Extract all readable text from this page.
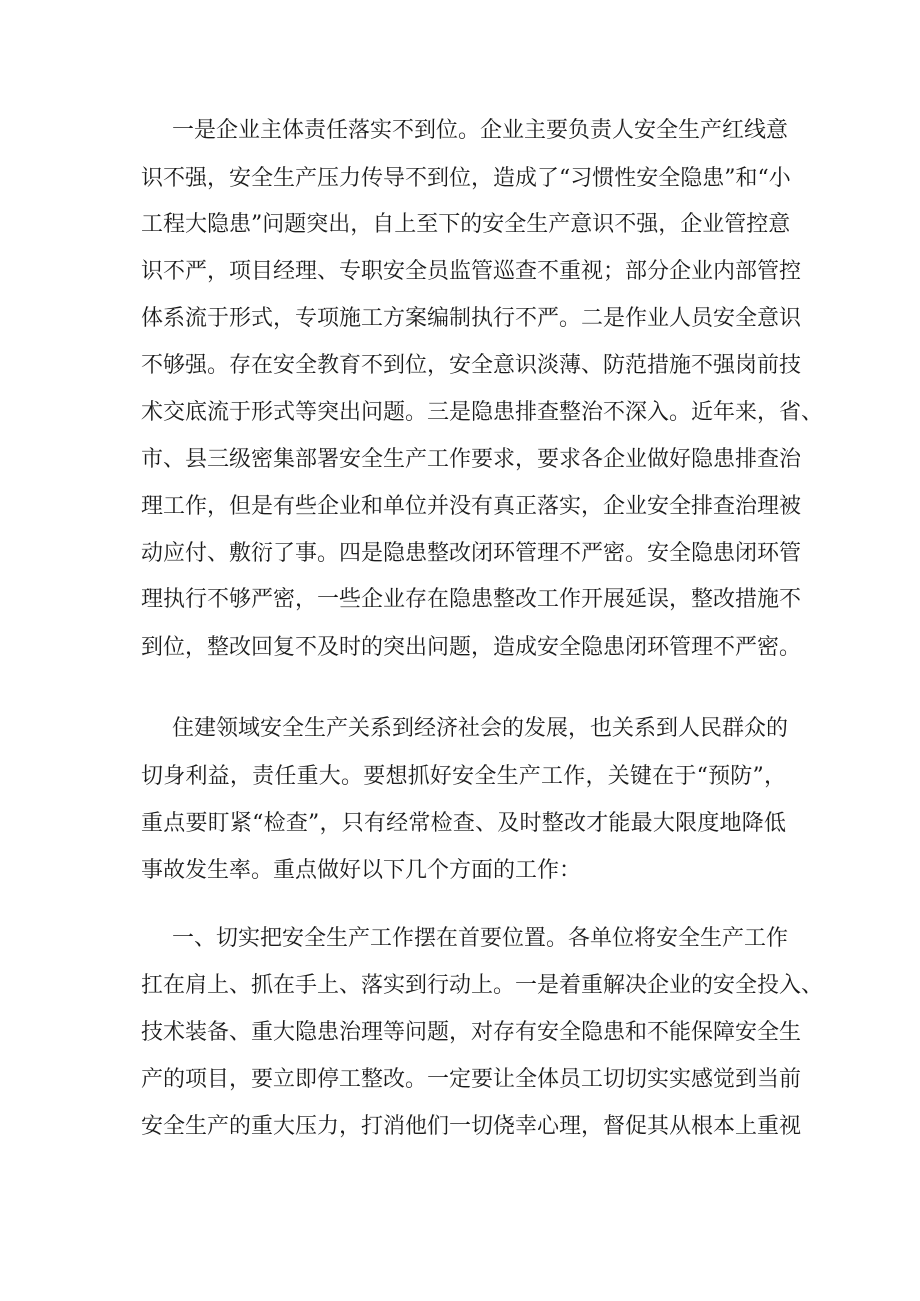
一是企业主体责任落实不到位。企业主要负责人安全生产红线意
识不强，安全生产压力传导不到位，造成了“习惯性安全隐患”和“小
工程大隐患”问题突出，自上至下的安全生产意识不强，企业管控意
识不严，项目经理、专职安全员监管巡查不重视；部分企业内部管控
体系流于形式，专项施工方案编制执行不严。二是作业人员安全意识
不够强。存在安全教育不到位，安全意识淡薄、防范措施不强岗前技
术交底流于形式等突出问题。三是隐患排查整治不深入。近年来，省、
市、县三级密集部署安全生产工作要求，要求各企业做好隐患排查治
理工作，但是有些企业和单位并没有真正落实，企业安全排查治理被
动应付、敷衍了事。四是隐患整改闭环管理不严密。安全隐患闭环管
理执行不够严密，一些企业存在隐患整改工作开展延误，整改措施不
到位，整改回复不及时的突出问题，造成安全隐患闭环管理不严密。
住建领域安全生产关系到经济社会的发展，也关系到人民群众的
切身利益，责任重大。要想抓好安全生产工作，关键在于“预防”，
重点要盯紧“检查”，只有经常检查、及时整改才能最大限度地降低
事故发生率。重点做好以下几个方面的工作：
一、切实把安全生产工作摆在首要位置。各单位将安全生产工作
扛在肩上、抓在手上、落实到行动上。一是着重解决企业的安全投入、
技术装备、重大隐患治理等问题，对存有安全隐患和不能保障安全生
产的项目，要立即停工整改。一定要让全体员工切切实实感觉到当前
安全生产的重大压力，打消他们一切侥幸心理，督促其从根本上重视
